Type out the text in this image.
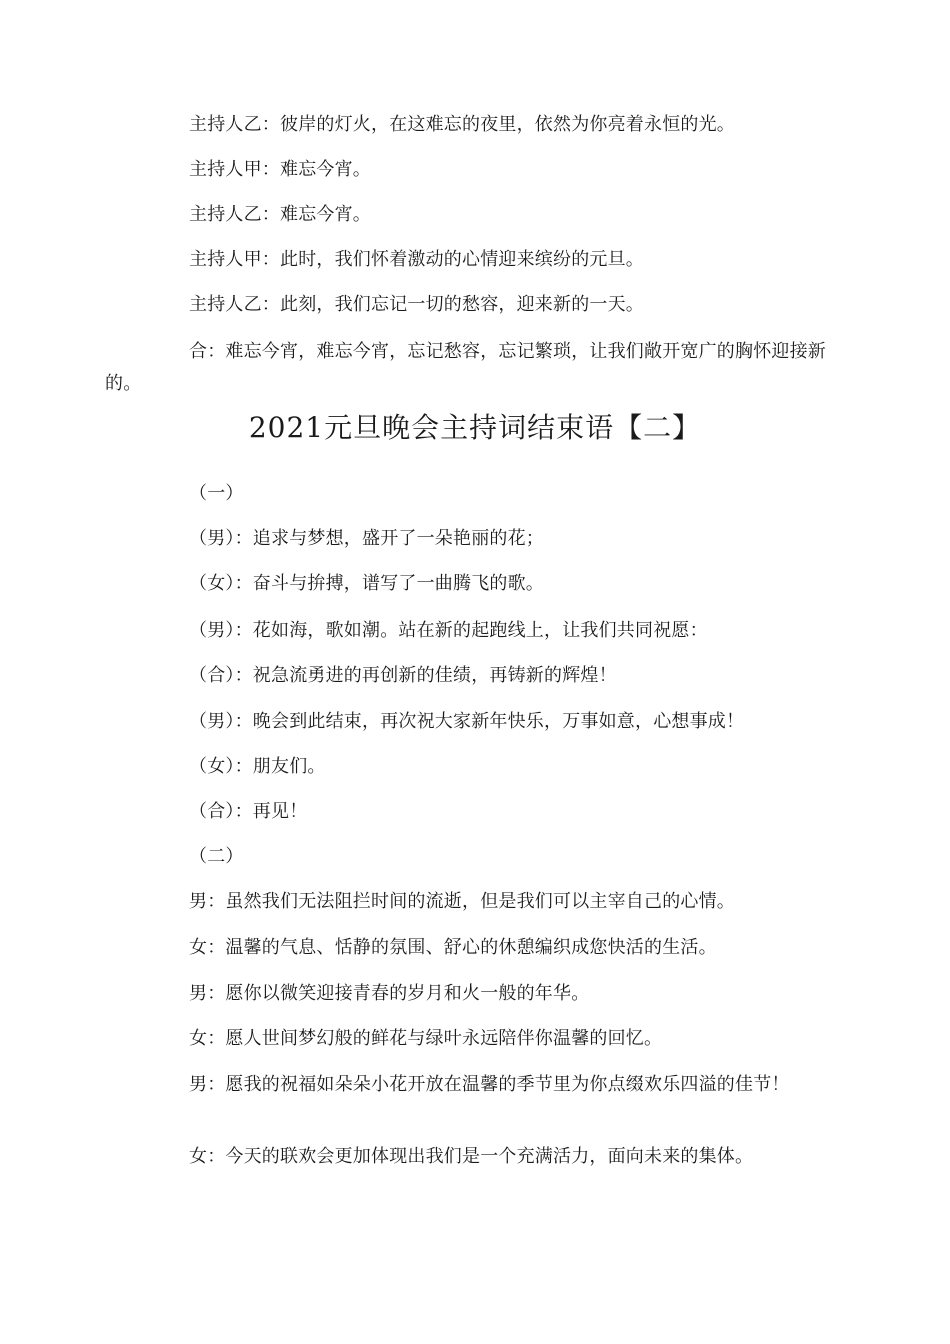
主持人乙：彼岸的灯火，在这难忘的夜里，依然为你亮着永恒的光。
主持人甲：难忘今宵。
主持人乙：难忘今宵。
主持人甲：此时，我们怀着激动的心情迎来缤纷的元旦。
主持人乙：此刻，我们忘记一切的愁容，迎来新的一天。
合：难忘今宵，难忘今宵，忘记愁容，忘记繁琐，让我们敞开宽广的胸怀迎接新的。
2021元旦晚会主持词结束语【二】
（一）
（男）：追求与梦想，盛开了一朵艳丽的花；
（女）：奋斗与拚搏，谱写了一曲腾飞的歌。
（男）：花如海，歌如潮。站在新的起跑线上，让我们共同祝愿：
（合）：祝急流勇进的再创新的佳绩，再铸新的辉煌！
（男）：晚会到此结束，再次祝大家新年快乐，万事如意，心想事成！
（女）：朋友们。
（合）：再见！
（二）
男：虽然我们无法阻拦时间的流逝，但是我们可以主宰自己的心情。
女：温馨的气息、恬静的氛围、舒心的休憩编织成您快活的生活。
男：愿你以微笑迎接青春的岁月和火一般的年华。
女：愿人世间梦幻般的鲜花与绿叶永远陪伴你温馨的回忆。
男：愿我的祝福如朵朵小花开放在温馨的季节里为你点缀欢乐四溢的佳节！
女：今天的联欢会更加体现出我们是一个充满活力，面向未来的集体。
